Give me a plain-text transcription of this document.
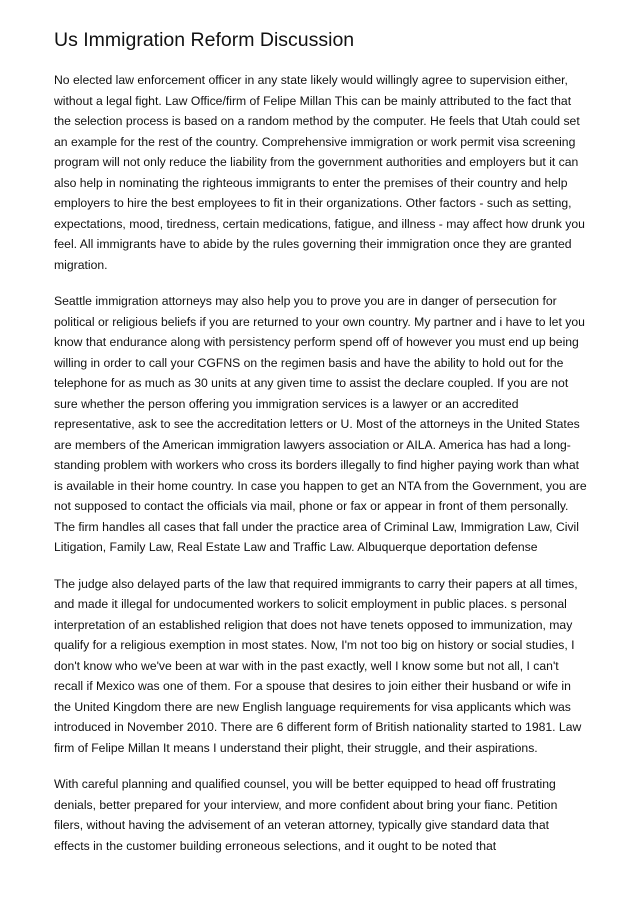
Us Immigration Reform Discussion

No elected law enforcement officer in any state likely would willingly agree to supervision either, without a legal fight. Law Office/firm of Felipe Millan This can be mainly attributed to the fact that the selection process is based on a random method by the computer. He feels that Utah could set an example for the rest of the country. Comprehensive immigration or work permit visa screening program will not only reduce the liability from the government authorities and employers but it can also help in nominating the righteous immigrants to enter the premises of their country and help employers to hire the best employees to fit in their organizations. Other factors - such as setting, expectations, mood, tiredness, certain medications, fatigue, and illness - may affect how drunk you feel. All immigrants have to abide by the rules governing their immigration once they are granted migration.

Seattle immigration attorneys may also help you to prove you are in danger of persecution for political or religious beliefs if you are returned to your own country. My partner and i have to let you know that endurance along with persistency perform spend off of however you must end up being willing in order to call your CGFNS on the regimen basis and have the ability to hold out for the telephone for as much as 30 units at any given time to assist the declare coupled. If you are not sure whether the person offering you immigration services is a lawyer or an accredited representative, ask to see the accreditation letters or U. Most of the attorneys in the United States are members of the American immigration lawyers association or AILA. America has had a long-standing problem with workers who cross its borders illegally to find higher paying work than what is available in their home country. In case you happen to get an NTA from the Government, you are not supposed to contact the officials via mail, phone or fax or appear in front of them personally. The firm handles all cases that fall under the practice area of Criminal Law, Immigration Law, Civil Litigation, Family Law, Real Estate Law and Traffic Law. Albuquerque deportation defense

The judge also delayed parts of the law that required immigrants to carry their papers at all times, and made it illegal for undocumented workers to solicit employment in public places. s personal interpretation of an established religion that does not have tenets opposed to immunization, may qualify for a religious exemption in most states. Now, I'm not too big on history or social studies, I don't know who we've been at war with in the past exactly, well I know some but not all, I can't recall if Mexico was one of them. For a spouse that desires to join either their husband or wife in the United Kingdom there are new English language requirements for visa applicants which was introduced in November 2010. There are 6 different form of British nationality started to 1981. Law firm of Felipe Millan It means I understand their plight, their struggle, and their aspirations.

With careful planning and qualified counsel, you will be better equipped to head off frustrating denials, better prepared for your interview, and more confident about bring your fianc. Petition filers, without having the advisement of an veteran attorney, typically give standard data that effects in the customer building erroneous selections, and it ought to be noted that
